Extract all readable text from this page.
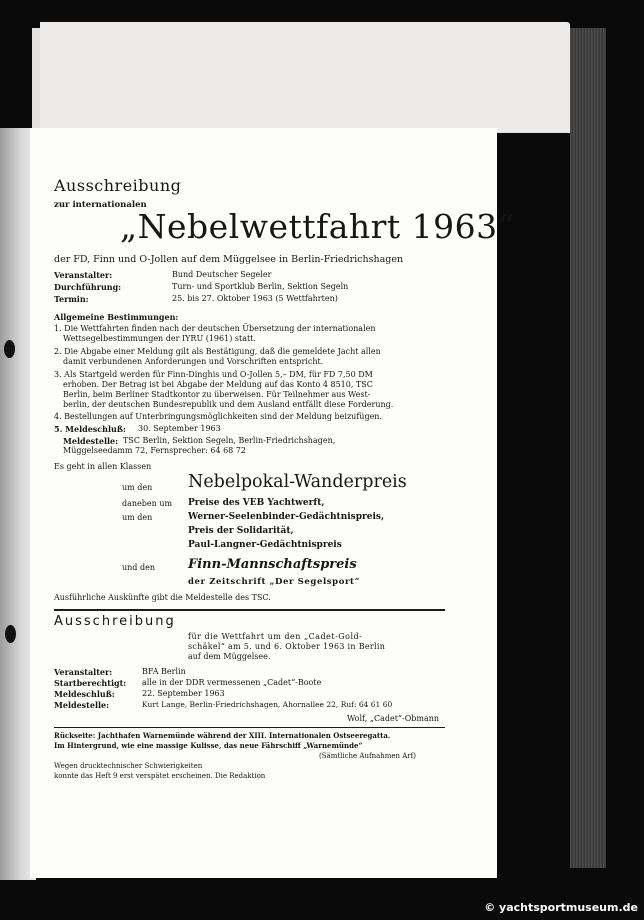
Ausschreibung
zur internationalen
„Nebelwettfahrt 1963“
der FD, Finn und O-Jollen auf dem Müggelsee in Berlin-Friedrichshagen
Veranstalter:	Bund Deutscher Segeler
Durchführung:	Turn- und Sportklub Berlin, Sektion Segeln
Termin:	25. bis 27. Oktober 1963 (5 Wettfahrten)
Allgemeine Bestimmungen:
1. Die Wettfahrten finden nach der deutschen Übersetzung der internationalen
Wettsegelbestimmungen der IYRU (1961) statt.
2. Die Abgabe einer Meldung gilt als Bestätigung, daß die gemeldete Jacht allen
damit verbundenen Anforderungen und Vorschriften entspricht.
3. Als Startgeld werden für Finn-Dinghis und O-Jollen 5,– DM, für FD 7,50 DM
erhoben. Der Betrag ist bei Abgabe der Meldung auf das Konto 4 8510, TSC
Berlin, beim Berliner Stadtkontor zu überweisen. Für Teilnehmer aus West-
berlin, der deutschen Bundesrepublik und dem Ausland entfällt diese Forderung.
4. Bestellungen auf Unterbringungsmöglichkeiten sind der Meldung beizufügen.
5. Meldeschluß: 30. September 1963
Meldestelle: TSC Berlin, Sektion Segeln, Berlin-Friedrichshagen,
Müggelseedamm 72, Fernsprecher: 64 68 72
Es geht in allen Klassen
um den Nebelpokal-Wanderpreis
daneben um Preise des VEB Yachtwerft,
um den	Werner-Seelenbinder-Gedächtnispreis,
Preis der Solidarität,
Paul-Langner-Gedächtnispreis
und den	Finn-Mannschaftspreis
der Zeitschrift „Der Segelsport“
Ausführliche Auskünfte gibt die Meldestelle des TSC.
Ausschreibung
für die Wettfahrt um den „Cadet-Gold-
schäkel“ am 5. und 6. Oktober 1963 in Berlin
auf dem Müggelsee.
Veranstalter:	BFA Berlin
Startberechtigt: alle in der DDR vermessenen „Cadet“-Boote
Meldeschluß:	22. September 1963
Meldestelle:	Kurt Lange, Berlin-Friedrichshagen, Ahornallee 22, Ruf: 64 61 60
Wolf, „Cadet“-Obmann
Rückseite: Jachthafen Warnemünde während der XIII. Internationalen Ostseeregatta.
Im Hintergrund, wie eine massige Kulisse, das neue Fährschiff „Warnemünde“
(Sämtliche Aufnahmen Arf)
Wegen drucktechnischer Schwierigkeiten
konnte das Heft 9 erst verspätet erscheinen. Die Redaktion
© yachtsportmuseum.de
